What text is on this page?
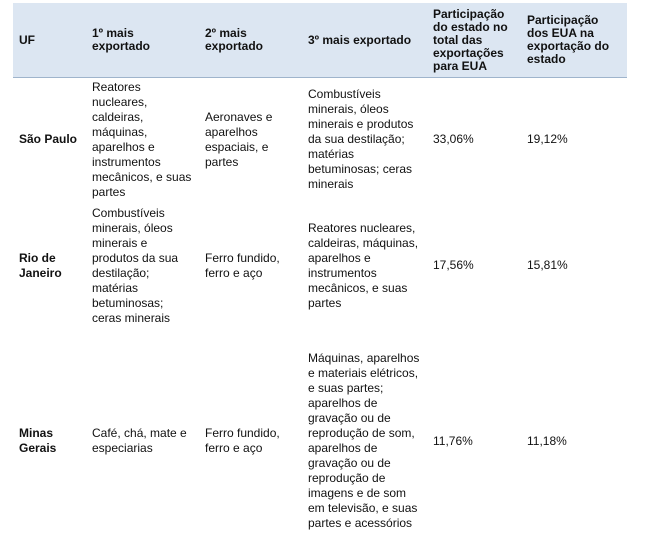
UF	1º mais exportado	2º mais exportado	3º mais exportado	Participação do estado no total das exportações para EUA	Participação dos EUA na exportação do estado
São Paulo	Reatores nucleares, caldeiras, máquinas, aparelhos e instrumentos mecânicos, e suas partes	Aeronaves e aparelhos espaciais, e partes	Combustíveis minerais, óleos minerais e produtos da sua destilação; matérias betuminosas; ceras minerais	33,06%	19,12%
Rio de Janeiro	Combustíveis minerais, óleos minerais e produtos da sua destilação; matérias betuminosas; ceras minerais	Ferro fundido, ferro e aço	Reatores nucleares, caldeiras, máquinas, aparelhos e instrumentos mecânicos, e suas partes	17,56%	15,81%
Minas Gerais	Café, chá, mate e especiarias	Ferro fundido, ferro e aço	Máquinas, aparelhos e materiais elétricos, e suas partes; aparelhos de gravação ou de reprodução de som, aparelhos de gravação ou de reprodução de imagens e de som em televisão, e suas partes e acessórios	11,76%	11,18%
